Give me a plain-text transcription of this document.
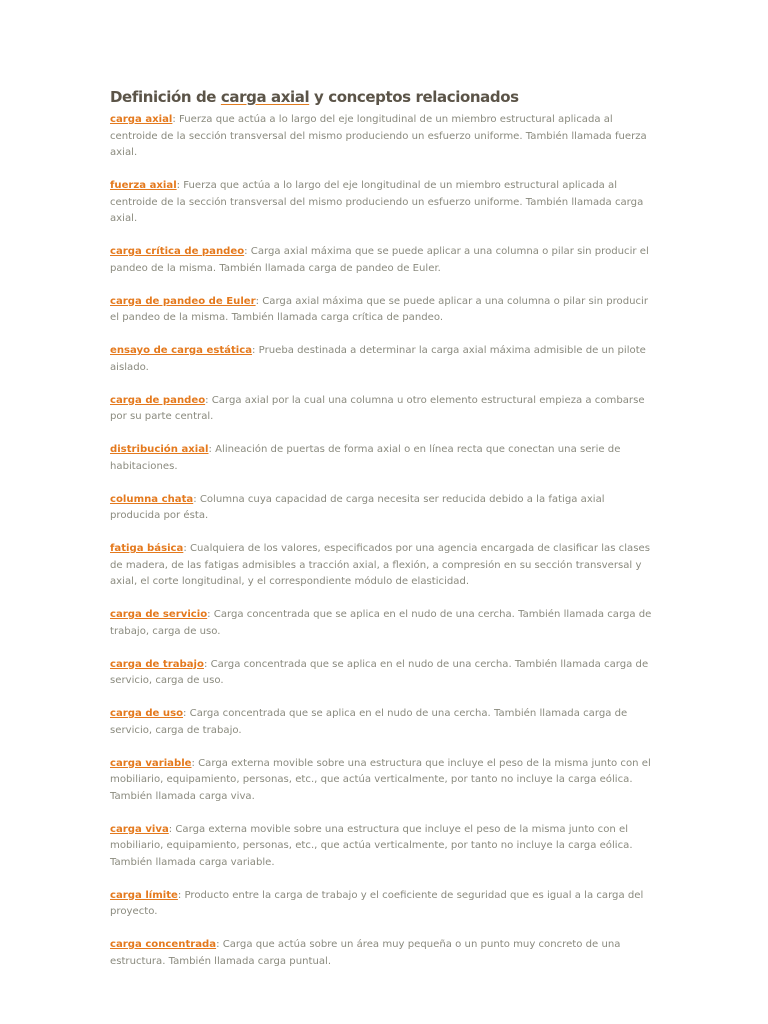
Definición de carga axial y conceptos relacionados

carga axial: Fuerza que actúa a lo largo del eje longitudinal de un miembro estructural aplicada al centroide de la sección transversal del mismo produciendo un esfuerzo uniforme. También llamada fuerza axial.

fuerza axial: Fuerza que actúa a lo largo del eje longitudinal de un miembro estructural aplicada al centroide de la sección transversal del mismo produciendo un esfuerzo uniforme. También llamada carga axial.

carga crítica de pandeo: Carga axial máxima que se puede aplicar a una columna o pilar sin producir el pandeo de la misma. También llamada carga de pandeo de Euler.

carga de pandeo de Euler: Carga axial máxima que se puede aplicar a una columna o pilar sin producir el pandeo de la misma. También llamada carga crítica de pandeo.

ensayo de carga estática: Prueba destinada a determinar la carga axial máxima admisible de un pilote aislado.

carga de pandeo: Carga axial por la cual una columna u otro elemento estructural empieza a combarse por su parte central.

distribución axial: Alineación de puertas de forma axial o en línea recta que conectan una serie de habitaciones.

columna chata: Columna cuya capacidad de carga necesita ser reducida debido a la fatiga axial producida por ésta.

fatiga básica: Cualquiera de los valores, especificados por una agencia encargada de clasificar las clases de madera, de las fatigas admisibles a tracción axial, a flexión, a compresión en su sección transversal y axial, el corte longitudinal, y el correspondiente módulo de elasticidad.

carga de servicio: Carga concentrada que se aplica en el nudo de una cercha. También llamada carga de trabajo, carga de uso.

carga de trabajo: Carga concentrada que se aplica en el nudo de una cercha. También llamada carga de servicio, carga de uso.

carga de uso: Carga concentrada que se aplica en el nudo de una cercha. También llamada carga de servicio, carga de trabajo.

carga variable: Carga externa movible sobre una estructura que incluye el peso de la misma junto con el mobiliario, equipamiento, personas, etc., que actúa verticalmente, por tanto no incluye la carga eólica. También llamada carga viva.

carga viva: Carga externa movible sobre una estructura que incluye el peso de la misma junto con el mobiliario, equipamiento, personas, etc., que actúa verticalmente, por tanto no incluye la carga eólica. También llamada carga variable.

carga límite: Producto entre la carga de trabajo y el coeficiente de seguridad que es igual a la carga del proyecto.

carga concentrada: Carga que actúa sobre un área muy pequeña o un punto muy concreto de una estructura. También llamada carga puntual.
